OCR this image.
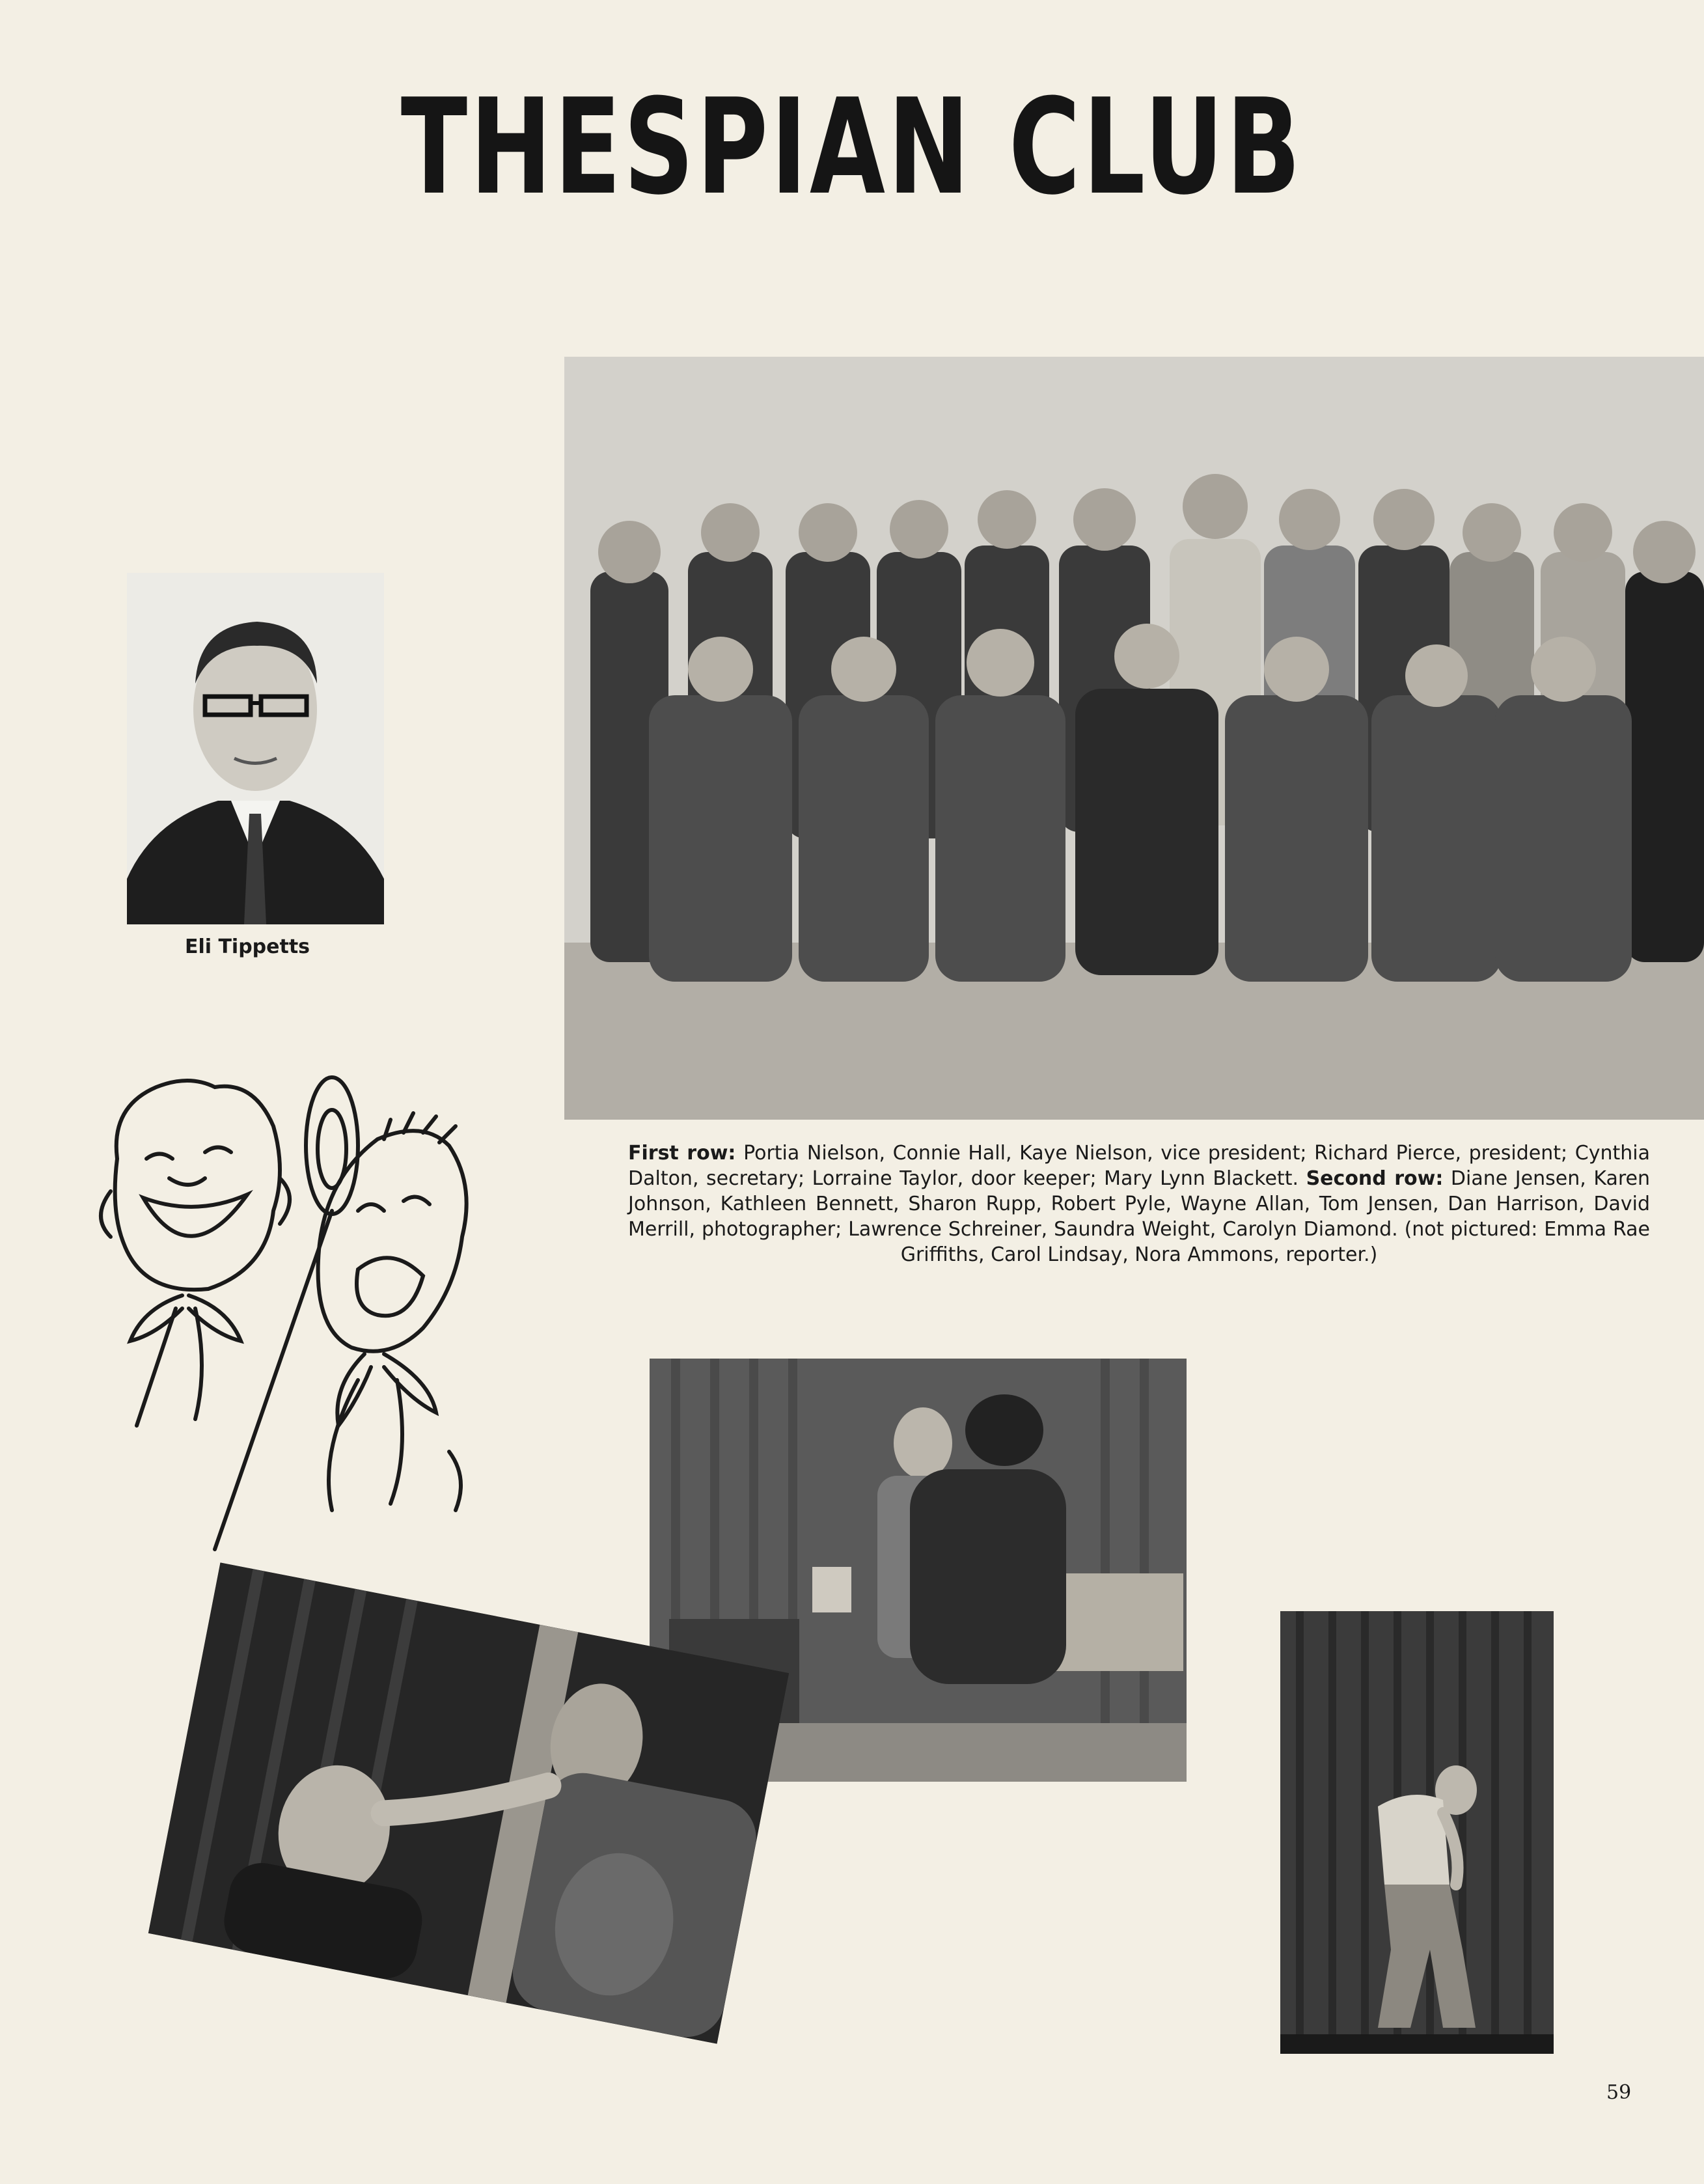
THESPIAN CLUB
Eli Tippetts
First row: Portia Nielson, Connie Hall, Kaye Nielson, vice president; Richard Pierce, president; Cynthia Dalton, secretary; Lorraine Taylor, door keeper; Mary Lynn Blackett. Second row: Diane Jensen, Karen Johnson, Kathleen Bennett, Sharon Rupp, Robert Pyle, Wayne Allan, Tom Jensen, Dan Harrison, David Merrill, photographer; Lawrence Schreiner, Saundra Weight, Carolyn Diamond. (not pictured: Emma Rae Griffiths, Carol Lindsay, Nora Ammons, reporter.)
59
